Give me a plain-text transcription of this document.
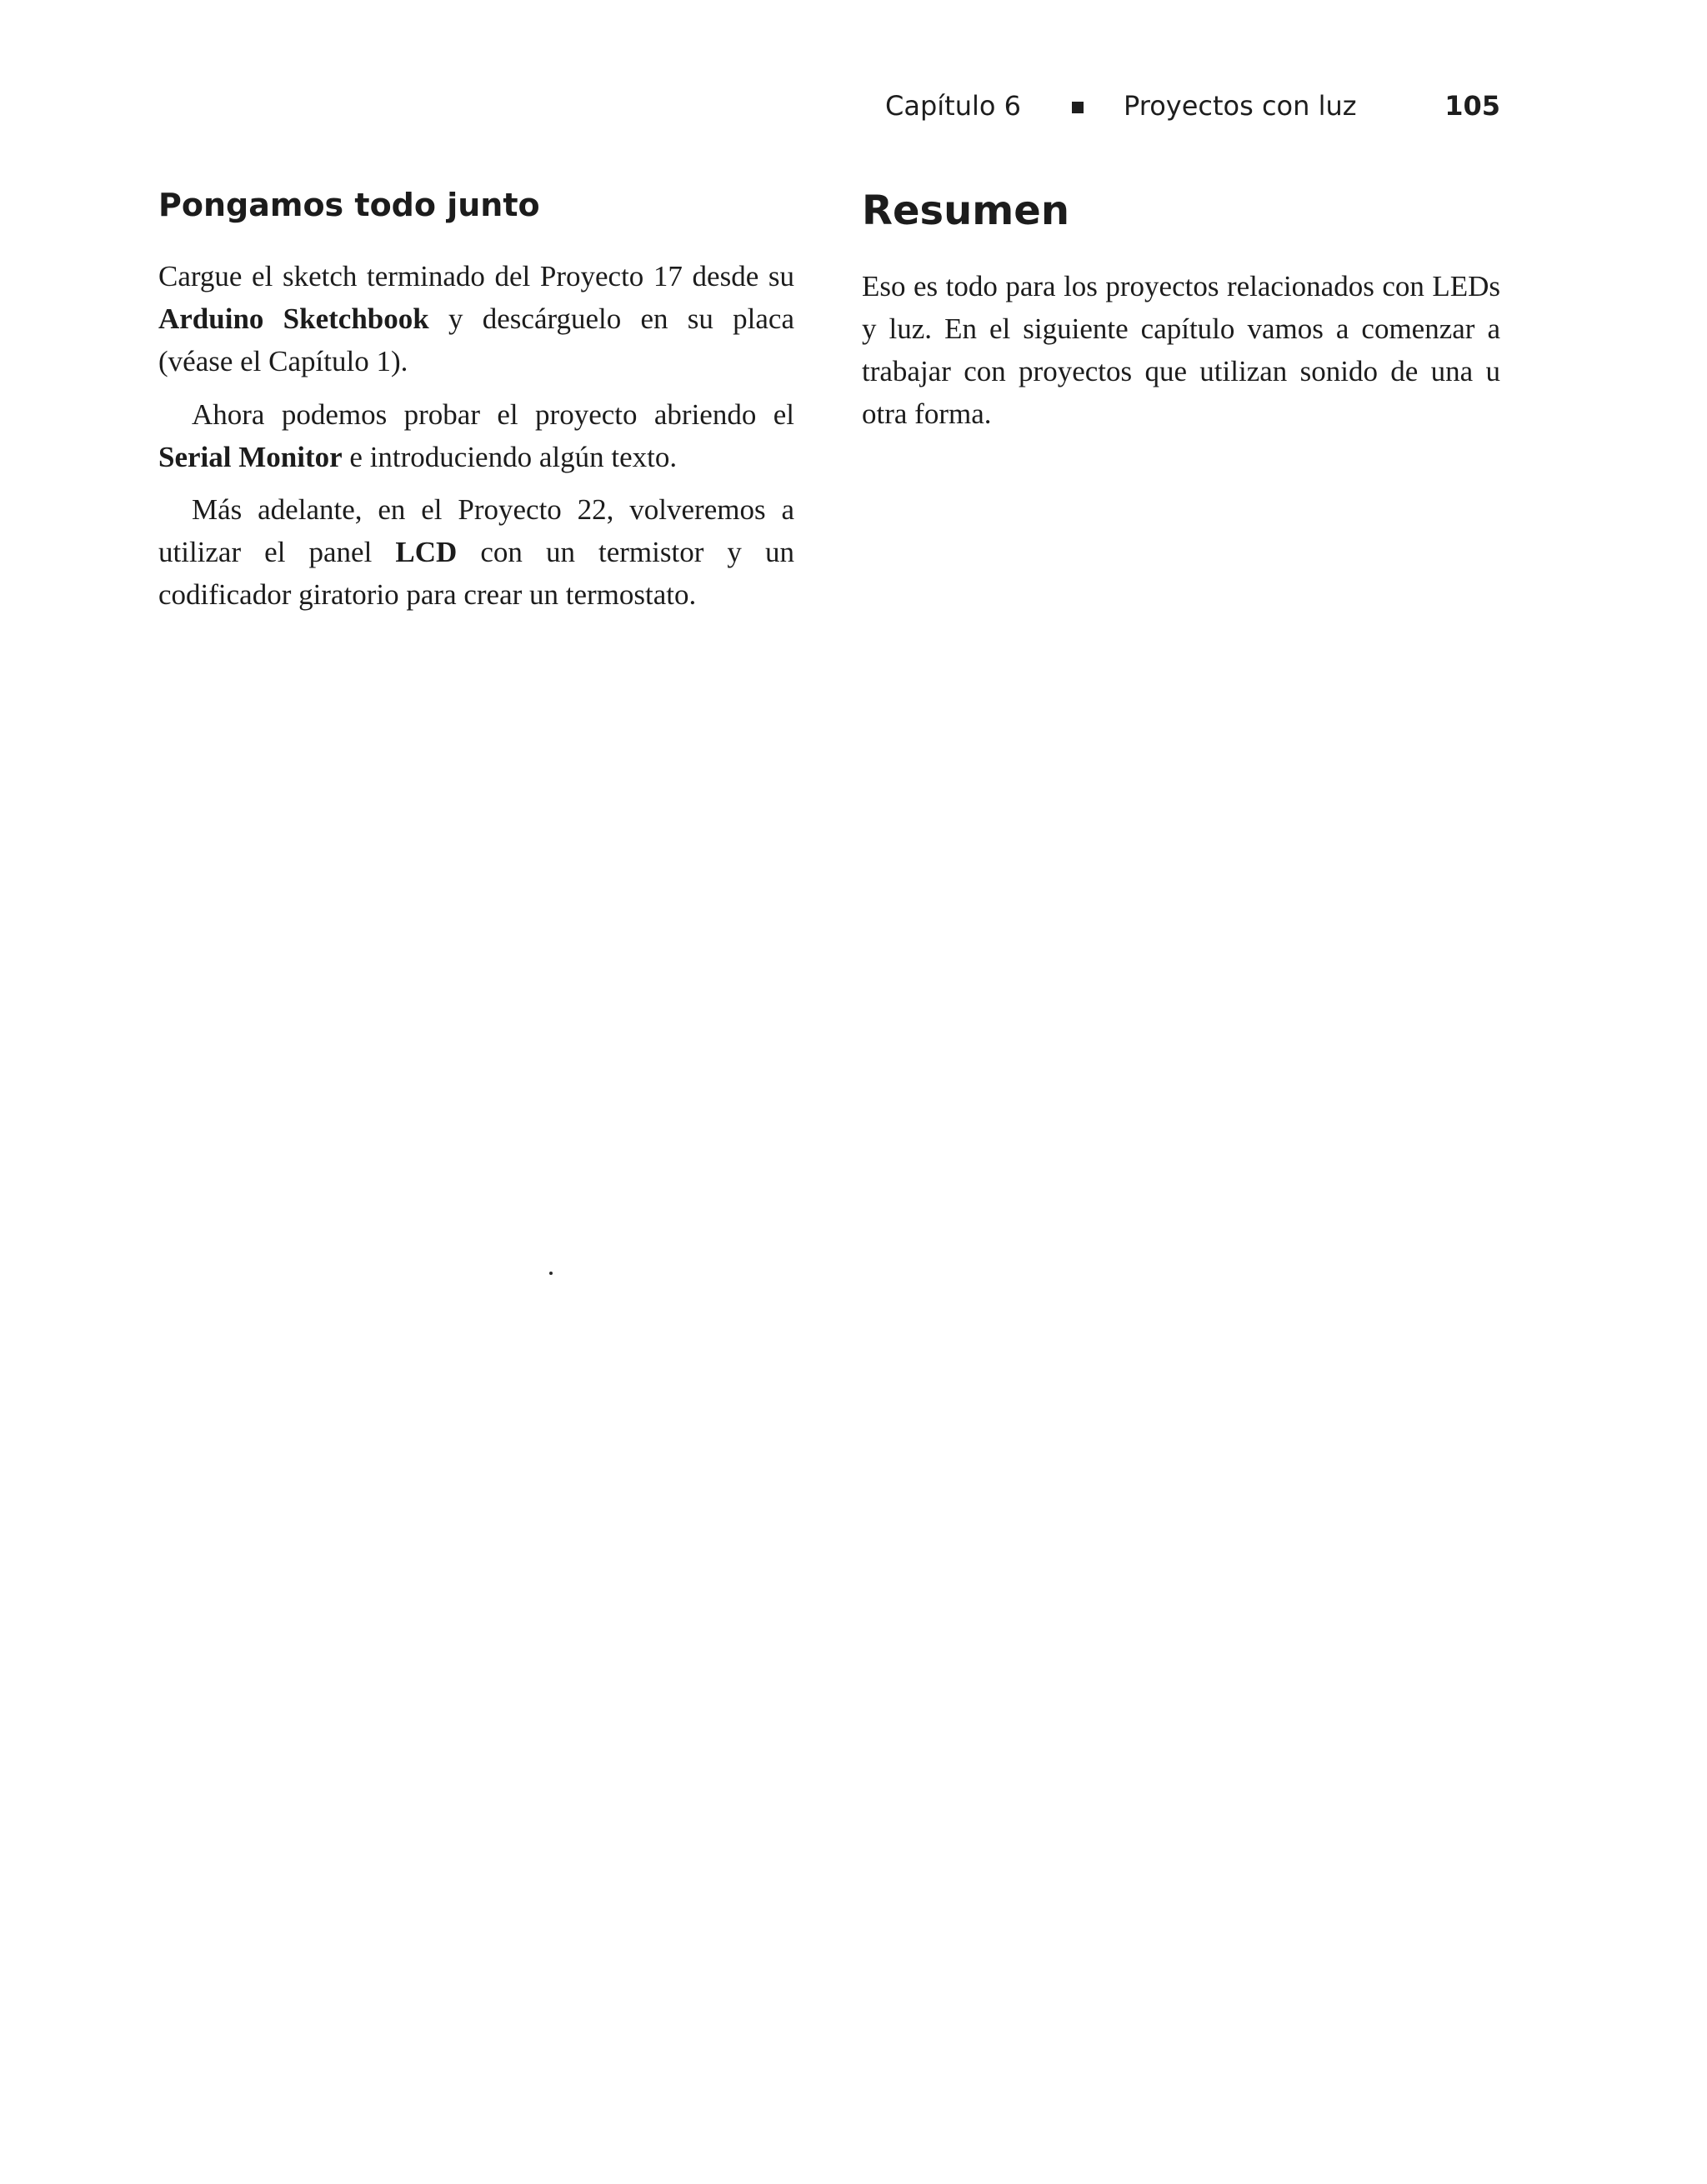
Capítulo 6	Proyectos con luz	105
Pongamos todo junto

Cargue el sketch terminado del Proyecto 17 desde su Arduino Sketchbook y descárguelo en su placa (véase el Capítulo 1).

Ahora podemos probar el proyecto abriendo el Serial Monitor e introduciendo algún texto.

Más adelante, en el Proyecto 22, volveremos a utilizar el panel LCD con un termistor y un codificador giratorio para crear un termostato.

Resumen

Eso es todo para los proyectos relacionados con LEDs y luz. En el siguiente capítulo vamos a comenzar a trabajar con proyectos que utilizan sonido de una u otra forma.
